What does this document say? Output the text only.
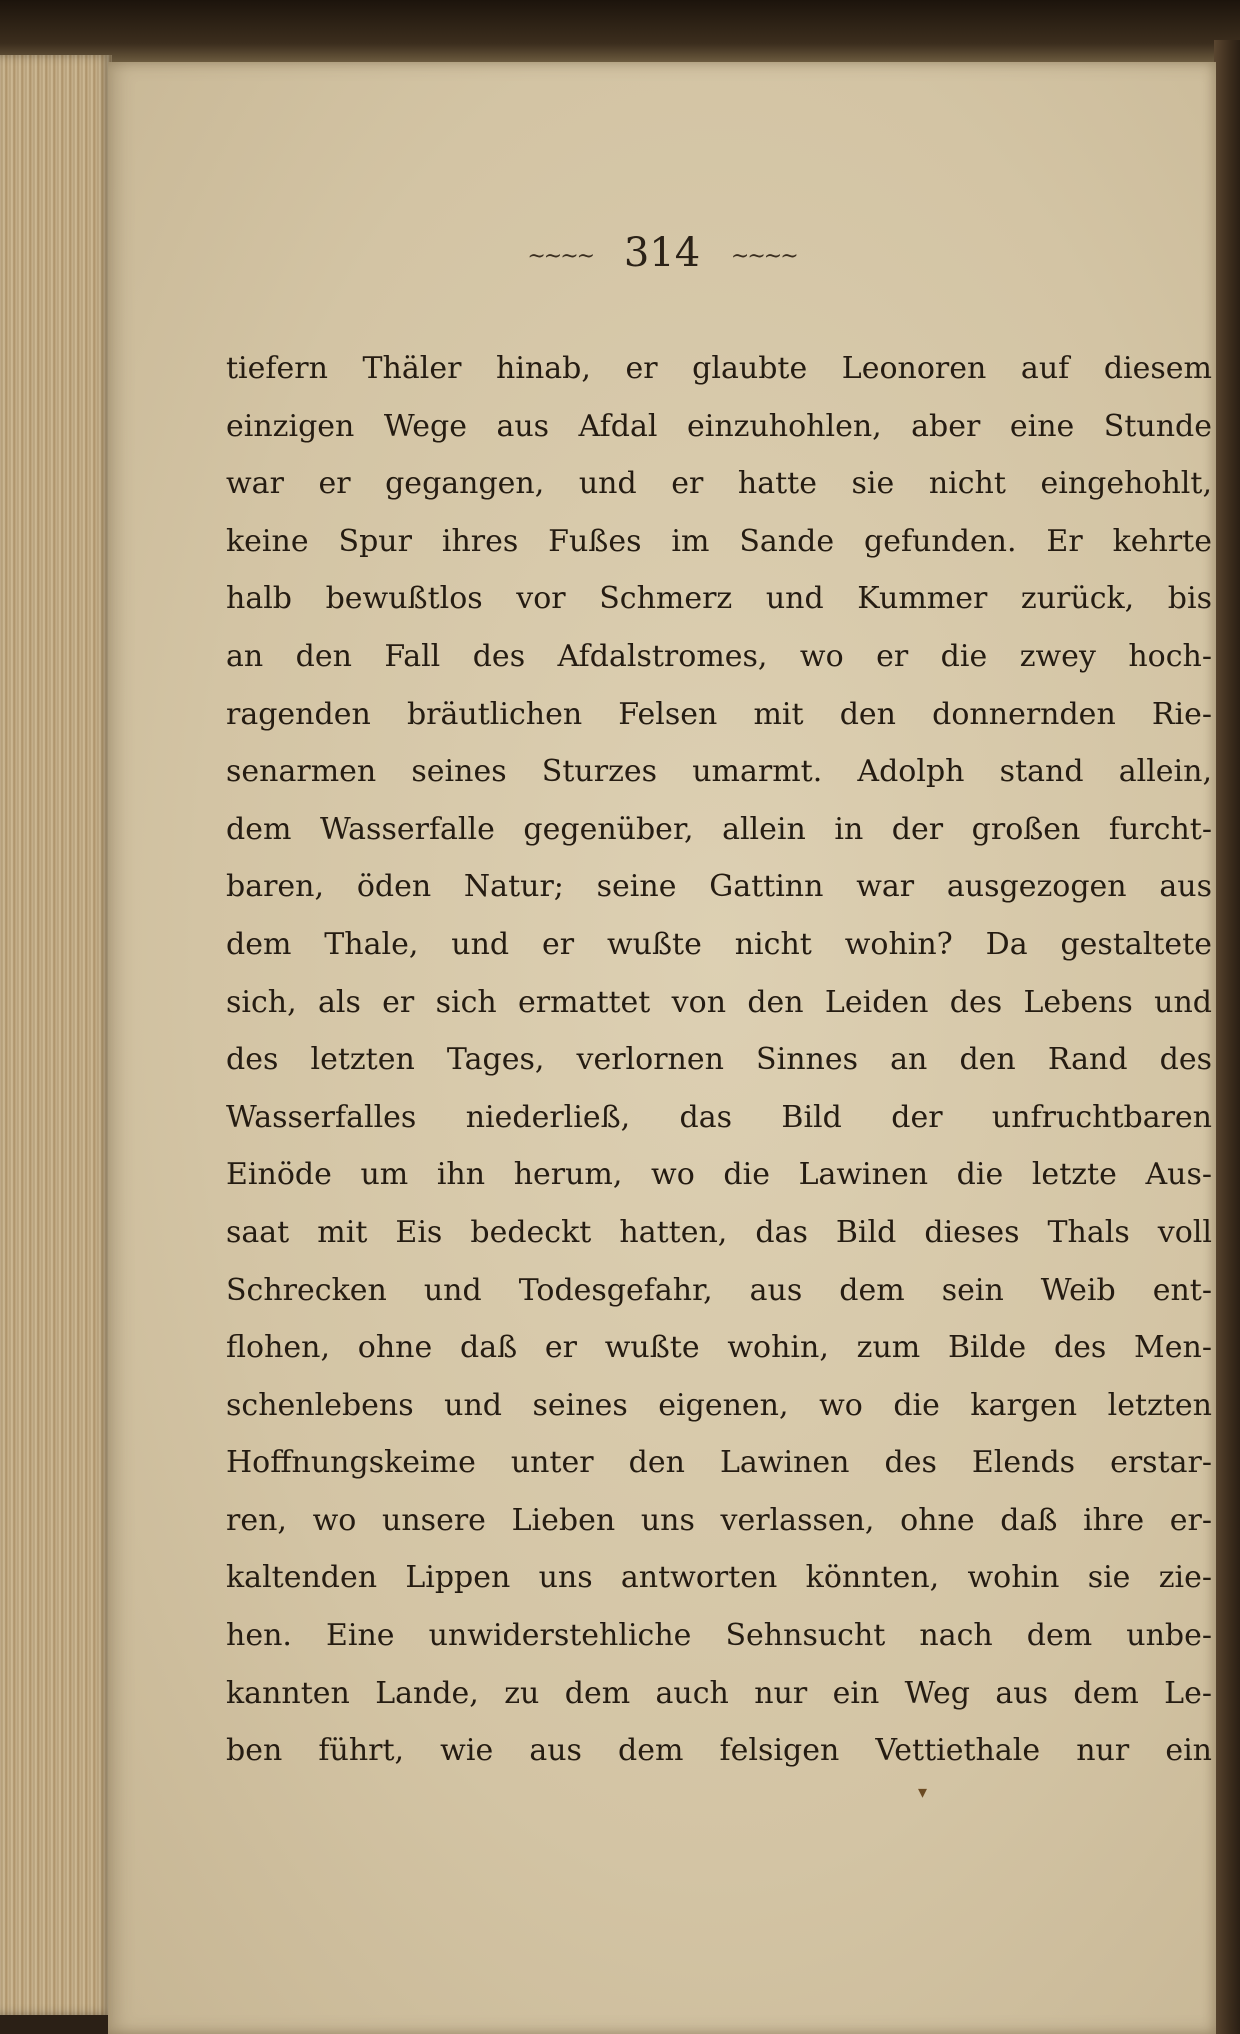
~~~~ 314 ~~~~
tiefern Thäler hinab, er glaubte Leonoren auf diesem
einzigen Wege aus Afdal einzuhohlen, aber eine Stunde
war er gegangen, und er hatte sie nicht eingehohlt,
keine Spur ihres Fußes im Sande gefunden. Er kehrte
halb bewußtlos vor Schmerz und Kummer zurück, bis
an den Fall des Afdalstromes, wo er die zwey hoch-
ragenden bräutlichen Felsen mit den donnernden Rie-
senarmen seines Sturzes umarmt. Adolph stand allein,
dem Wasserfalle gegenüber, allein in der großen furcht-
baren, öden Natur; seine Gattinn war ausgezogen aus
dem Thale, und er wußte nicht wohin? Da gestaltete
sich, als er sich ermattet von den Leiden des Lebens und
des letzten Tages, verlornen Sinnes an den Rand des
Wasserfalles niederließ, das Bild der unfruchtbaren
Einöde um ihn herum, wo die Lawinen die letzte Aus-
saat mit Eis bedeckt hatten, das Bild dieses Thals voll
Schrecken und Todesgefahr, aus dem sein Weib ent-
flohen, ohne daß er wußte wohin, zum Bilde des Men-
schenlebens und seines eigenen, wo die kargen letzten
Hoffnungskeime unter den Lawinen des Elends erstar-
ren, wo unsere Lieben uns verlassen, ohne daß ihre er-
kaltenden Lippen uns antworten könnten, wohin sie zie-
hen. Eine unwiderstehliche Sehnsucht nach dem unbe-
kannten Lande, zu dem auch nur ein Weg aus dem Le-
ben führt, wie aus dem felsigen Vettiethale nur ein
▾
